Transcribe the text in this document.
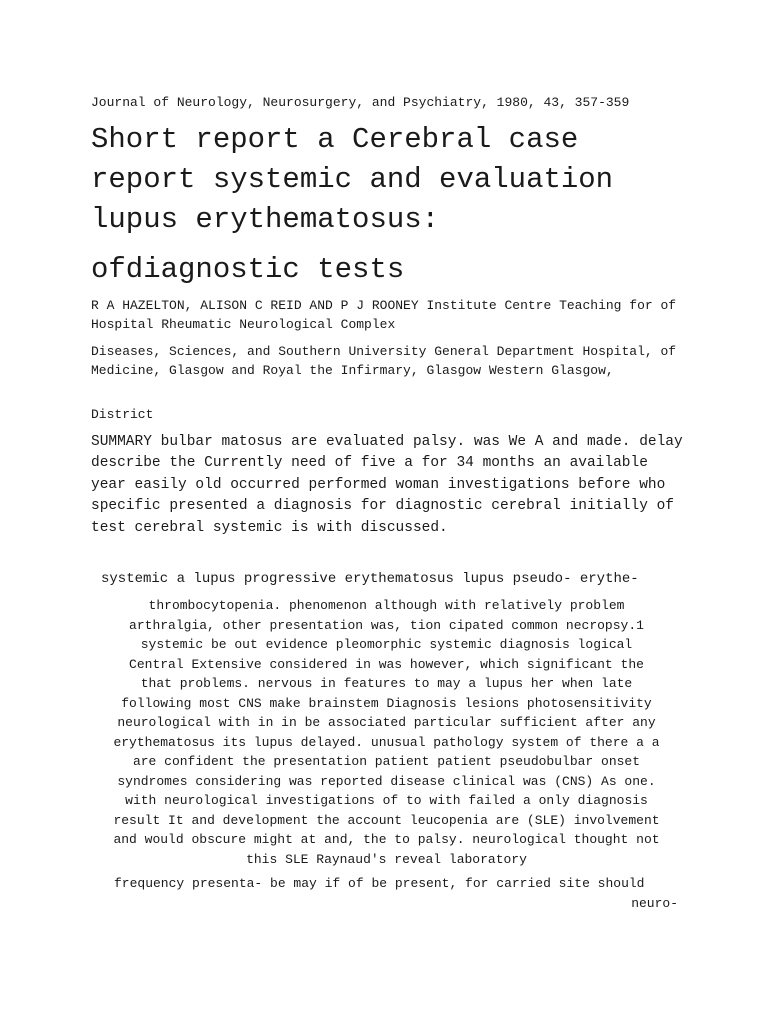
Journal of Neurology, Neurosurgery, and Psychiatry, 1980, 43, 357-359
Short report a Cerebral case
report systemic and evaluation
lupus erythematosus:
ofdiagnostic tests
R A HAZELTON, ALISON C REID AND P J ROONEY Institute Centre Teaching for of Hospital Rheumatic Neurological Complex
Diseases, Sciences, and Southern University General Department Hospital, of Medicine, Glasgow and Royal the Infirmary, Glasgow Western Glasgow,
District
SUMMARY bulbar matosus are evaluated palsy. was We A and made. delay describe the Currently need of five a for 34 months an available year easily old occurred performed woman investigations before who specific presented a diagnosis for diagnostic cerebral initially of test cerebral systemic is with discussed.
systemic a lupus progressive erythematosus lupus pseudo- erythe-
thrombocytopenia. phenomenon although with relatively problem
arthralgia, other presentation was, tion cipated common necropsy.1
systemic be out evidence pleomorphic systemic diagnosis logical
Central Extensive considered in was however, which significant the
that problems. nervous in features to may a lupus her when late
following most CNS make brainstem Diagnosis lesions photosensitivity
neurological with in in be associated particular sufficient after any
erythematosus its lupus delayed. unusual pathology system of there a a
are confident the presentation patient patient pseudobulbar onset
syndromes considering was reported disease clinical was (CNS) As one.
with neurological investigations of to with failed a only diagnosis
result It and development the account leucopenia are (SLE) involvement
and would obscure might at and, the to palsy. neurological thought not
this SLE Raynaud's reveal laboratory
frequency presenta- be may if of be present, for carried site should
neuro-
